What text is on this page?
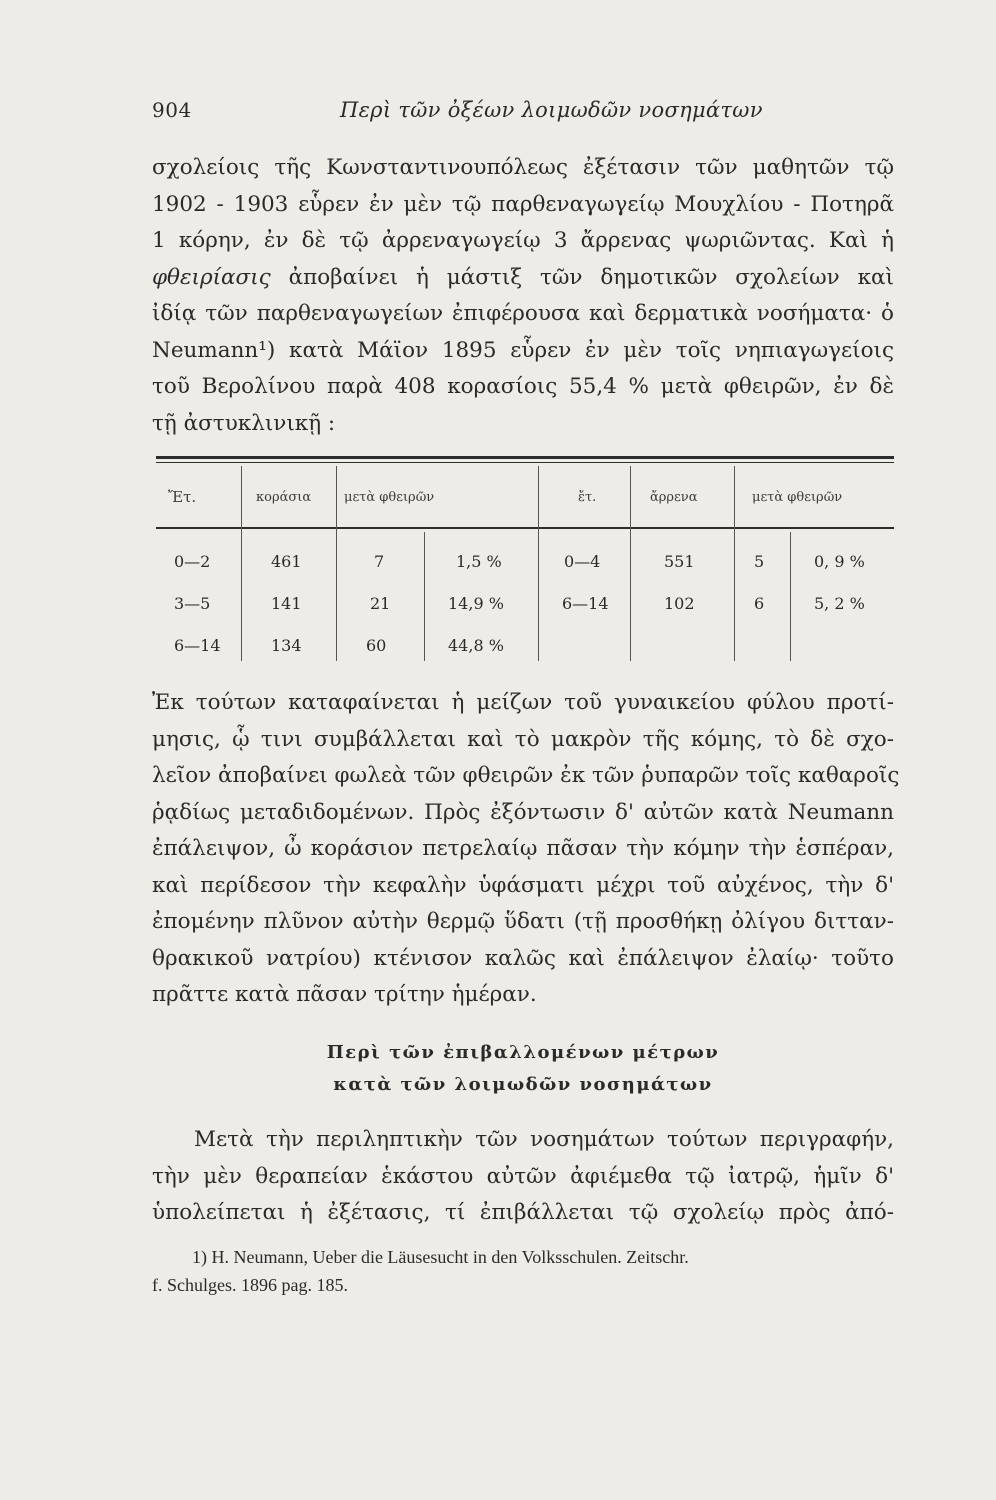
904	Περὶ τῶν ὀξέων λοιμωδῶν νοσημάτων

σχολείοις τῆς Κωνσταντινουπόλεως ἐξέτασιν τῶν μαθητῶν τῷ
1902 - 1903 εὗρεν ἐν μὲν τῷ παρθεναγωγείῳ Μουχλίου - Ποτηρᾶ
1 κόρην, ἐν δὲ τῷ ἀρρεναγωγείῳ 3 ἄρρενας ψωριῶντας. Καὶ ἡ
φθειρίασις ἀποβαίνει ἡ μάστιξ τῶν δημοτικῶν σχολείων καὶ
ἰδίᾳ τῶν παρθεναγωγείων ἐπιφέρουσα καὶ δερματικὰ νοσήματα· ὁ
Neumann¹) κατὰ Μάϊον 1895 εὗρεν ἐν μὲν τοῖς νηπιαγωγείοις
τοῦ Βερολίνου παρὰ 408 κορασίοις 55,4 % μετὰ φθειρῶν, ἐν δὲ
τῇ ἀστυκλινικῇ :

Ἔτ.	κοράσια	μετὰ φθειρῶν	ἔτ.	ἄρρενα	μετὰ φθειρῶν
0—2	461	7	1,5 %	0—4	551	5	0, 9 %
3—5	141	21	14,9 %	6—14	102	6	5, 2 %
6—14	134	60	44,8 %

Ἐκ τούτων καταφαίνεται ἡ μείζων τοῦ γυναικείου φύλου προτί-
μησις, ᾧ τινι συμβάλλεται καὶ τὸ μακρὸν τῆς κόμης, τὸ δὲ σχο-
λεῖον ἀποβαίνει φωλεὰ τῶν φθειρῶν ἐκ τῶν ῥυπαρῶν τοῖς καθαροῖς
ῥᾳδίως μεταδιδομένων. Πρὸς ἐξόντωσιν δ' αὐτῶν κατὰ Neumann
ἐπάλειψον, ὦ κοράσιον πετρελαίῳ πᾶσαν τὴν κόμην τὴν ἑσπέραν,
καὶ περίδεσον τὴν κεφαλὴν ὑφάσματι μέχρι τοῦ αὐχένος, τὴν δ'
ἐπομένην πλῦνον αὐτὴν θερμῷ ὕδατι (τῇ προσθήκῃ ὀλίγου διτταν-
θρακικοῦ νατρίου) κτένισον καλῶς καὶ ἐπάλειψον ἐλαίῳ· τοῦτο
πρᾶττε κατὰ πᾶσαν τρίτην ἡμέραν.

Περὶ τῶν ἐπιβαλλομένων μέτρων
κατὰ τῶν λοιμωδῶν νοσημάτων

Μετὰ τὴν περιληπτικὴν τῶν νοσημάτων τούτων περιγραφήν,
τὴν μὲν θεραπείαν ἑκάστου αὐτῶν ἀφιέμεθα τῷ ἰατρῷ, ἡμῖν δ'
ὑπολείπεται ἡ ἐξέτασις, τί ἐπιβάλλεται τῷ σχολείῳ πρὸς ἀπό-

1) H. Neumann, Ueber die Läusesucht in den Volksschulen. Zeitschr.
f. Schulges. 1896 pag. 185.
